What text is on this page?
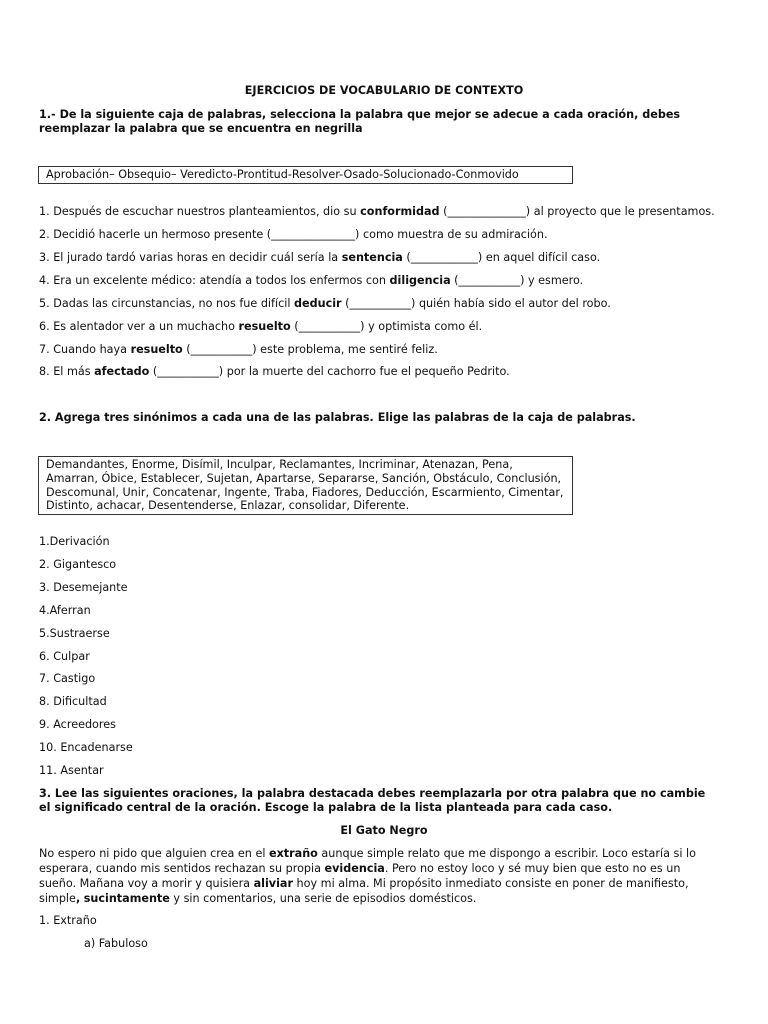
EJERCICIOS DE VOCABULARIO DE CONTEXTO
1.- De la siguiente caja de palabras, selecciona la palabra que mejor se adecue a cada oración, debes reemplazar la palabra que se encuentra en negrilla
Aprobación– Obsequio– Veredicto-Prontitud-Resolver-Osado-Solucionado-Conmovido
1. Después de escuchar nuestros planteamientos, dio su conformidad (______________) al proyecto que le presentamos.
2. Decidió hacerle un hermoso presente (_______________) como muestra de su admiración.
3. El jurado tardó varias horas en decidir cuál sería la sentencia (____________) en aquel difícil caso.
4. Era un excelente médico: atendía a todos los enfermos con diligencia (___________) y esmero.
5. Dadas las circunstancias, no nos fue difícil deducir (___________) quién había sido el autor del robo.
6. Es alentador ver a un muchacho resuelto (___________) y optimista como él.
7. Cuando haya resuelto (___________) este problema, me sentiré feliz.
8. El más afectado (___________) por la muerte del cachorro fue el pequeño Pedrito.
2. Agrega tres sinónimos a cada una de las palabras. Elige las palabras de la caja de palabras.
Demandantes, Enorme, Disímil, Inculpar, Reclamantes, Incriminar, Atenazan, Pena,
Amarran, Óbice, Establecer, Sujetan, Apartarse, Separarse, Sanción, Obstáculo, Conclusión,
Descomunal, Unir, Concatenar, Ingente, Traba, Fiadores, Deducción, Escarmiento, Cimentar,
Distinto, achacar, Desentenderse, Enlazar, consolidar, Diferente.
1.Derivación
2. Gigantesco
3. Desemejante
4.Aferran
5.Sustraerse
6. Culpar
7. Castigo
8. Dificultad
9. Acreedores
10. Encadenarse
11. Asentar
3. Lee las siguientes oraciones, la palabra destacada debes reemplazarla por otra palabra que no cambie el significado central de la oración. Escoge la palabra de la lista planteada para cada caso.
El Gato Negro
No espero ni pido que alguien crea en el extraño aunque simple relato que me dispongo a escribir. Loco estaría si lo esperara, cuando mis sentidos rechazan su propia evidencia. Pero no estoy loco y sé muy bien que esto no es un sueño. Mañana voy a morir y quisiera aliviar hoy mi alma. Mi propósito inmediato consiste en poner de manifiesto, simple, sucintamente y sin comentarios, una serie de episodios domésticos.
1. Extraño
a) Fabuloso
